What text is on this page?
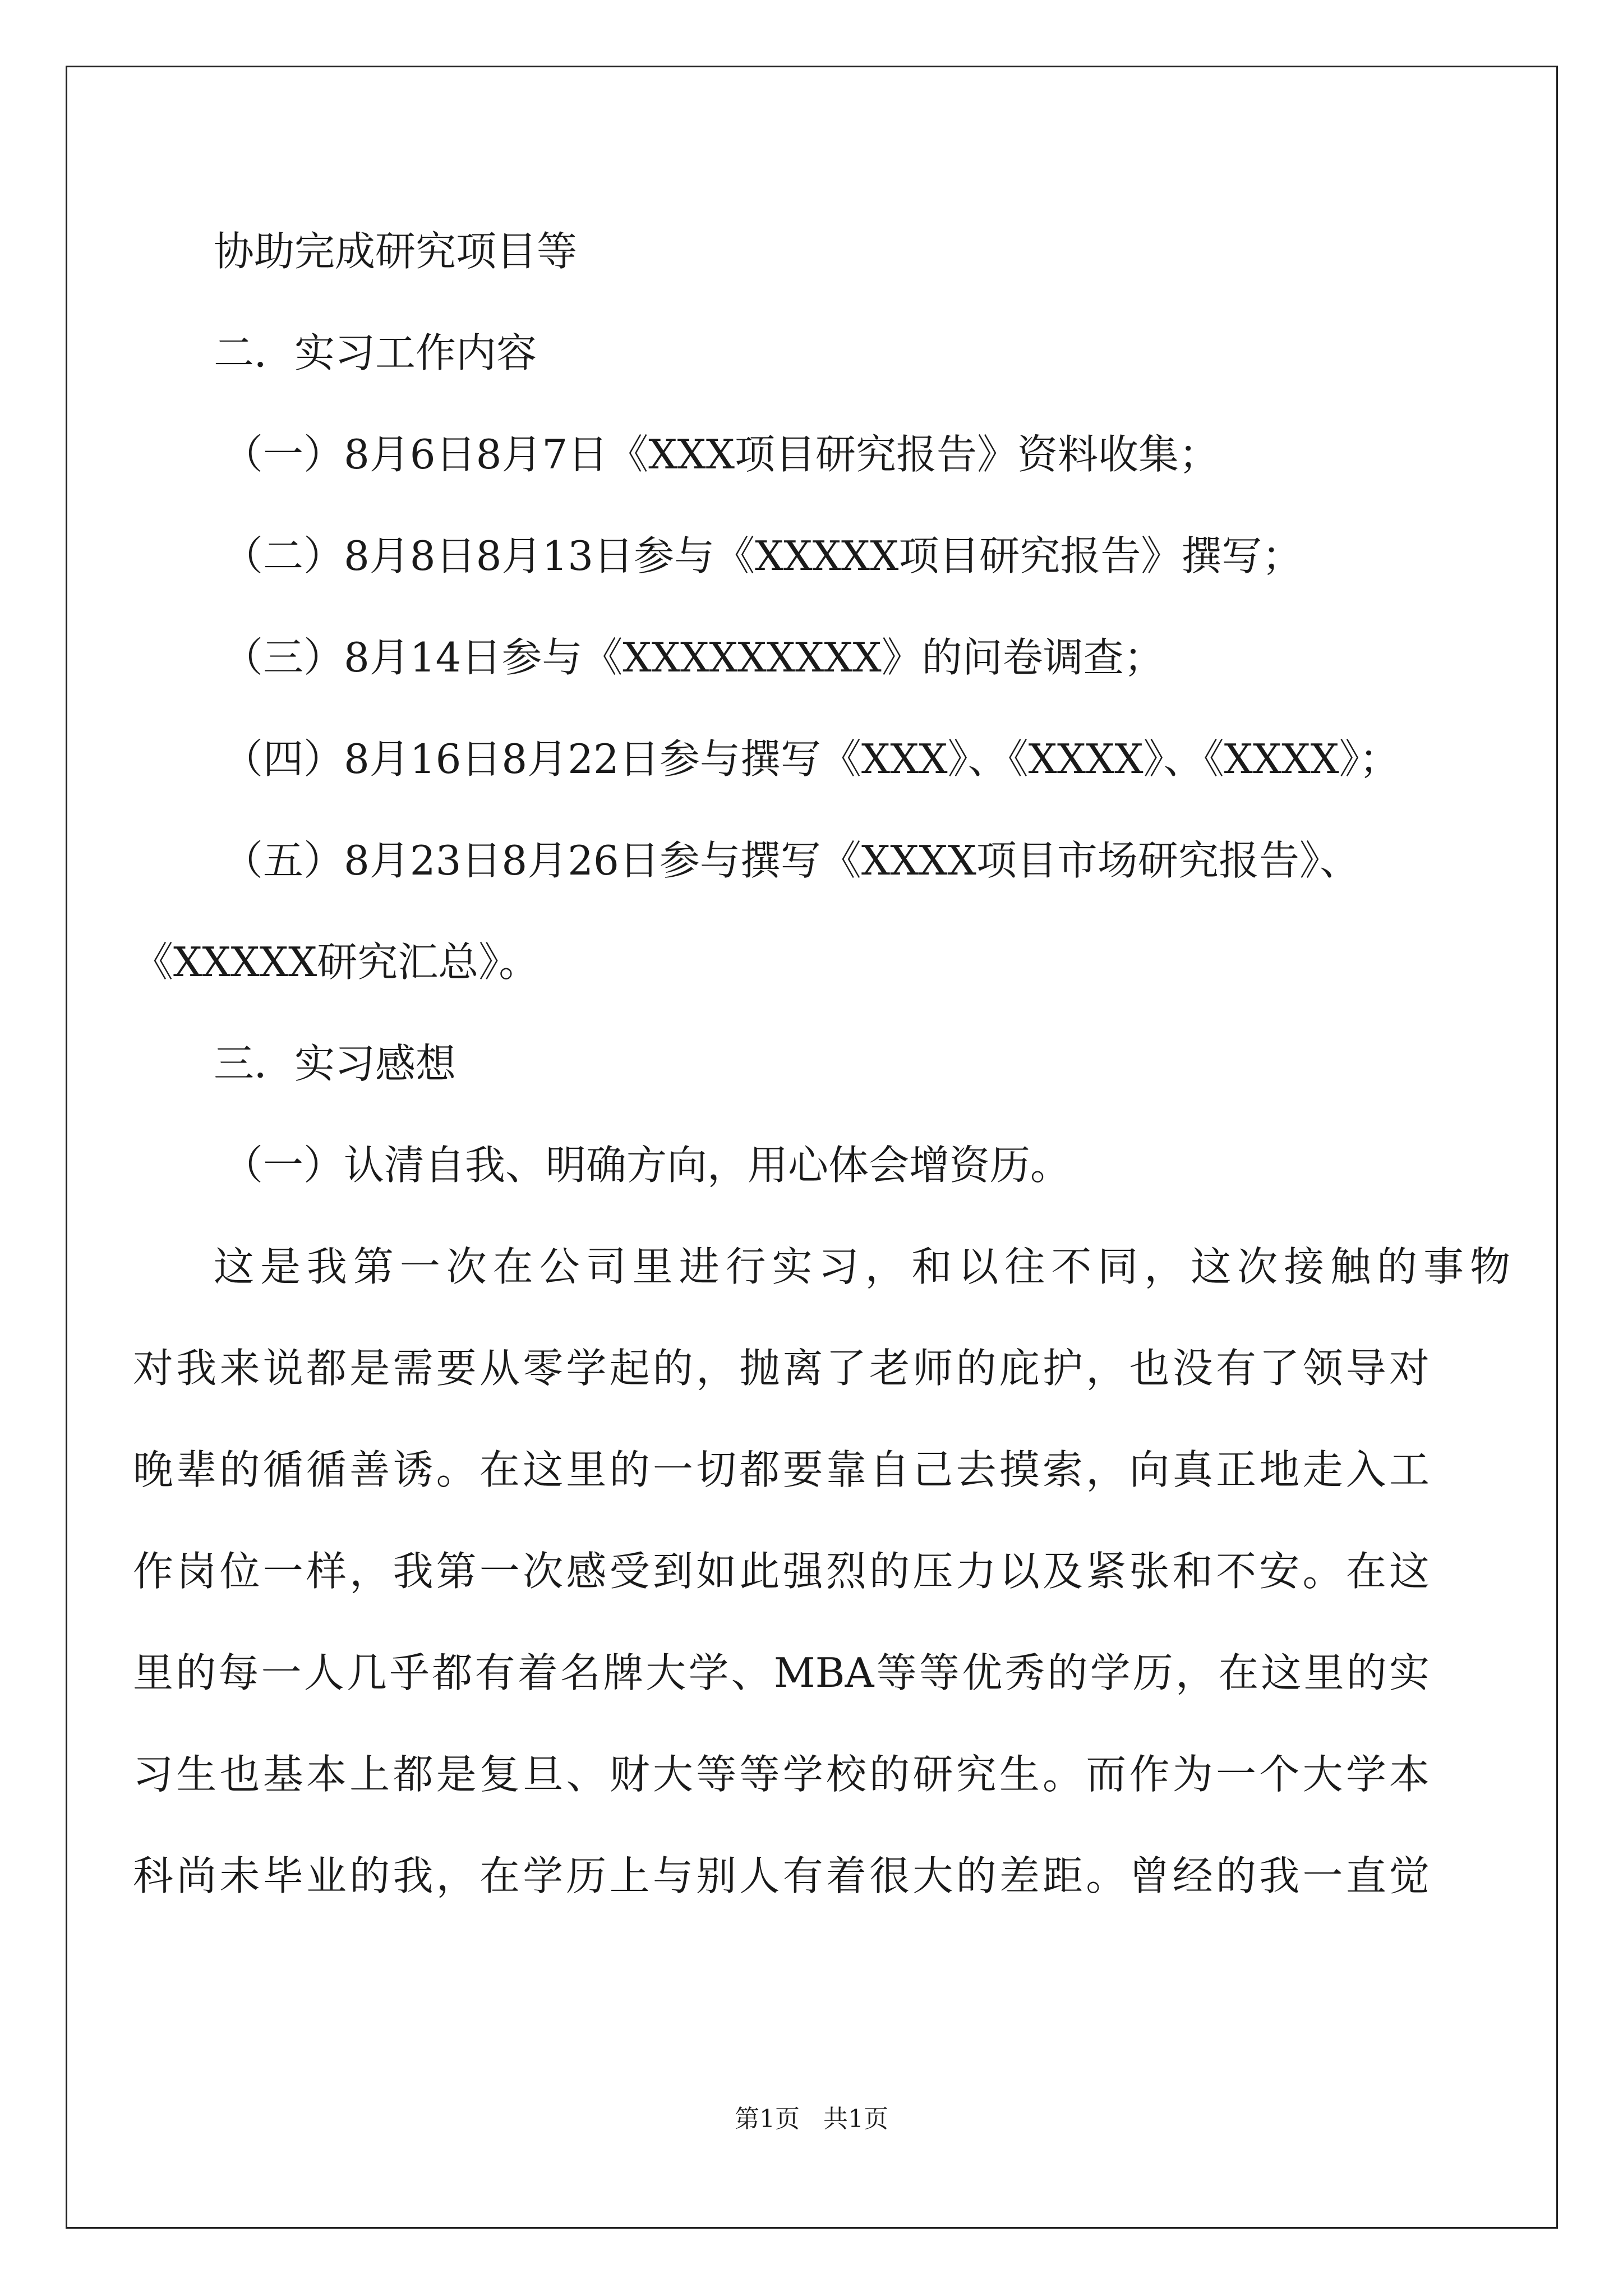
协助完成研究项目等
二．实习工作内容
（一）8月6日8月7日《XXX项目研究报告》资料收集；
（二）8月8日8月13日参与《XXXXX项目研究报告》撰写；
（三）8月14日参与《XXXXXXXXX》的问卷调查；
（四）8月16日8月22日参与撰写《XXX》、《XXXX》、《XXXX》；
（五）8月23日8月26日参与撰写《XXXX项目市场研究报告》、
《XXXXX研究汇总》。
三．实习感想
（一）认清自我、明确方向，用心体会增资历。
这是我第一次在公司里进行实习，和以往不同，这次接触的事物
对我来说都是需要从零学起的，抛离了老师的庇护，也没有了领导对
晚辈的循循善诱。在这里的一切都要靠自己去摸索，向真正地走入工
作岗位一样，我第一次感受到如此强烈的压力以及紧张和不安。在这
里的每一人几乎都有着名牌大学、MBA等等优秀的学历，在这里的实
习生也基本上都是复旦、财大等等学校的研究生。而作为一个大学本
科尚未毕业的我，在学历上与别人有着很大的差距。曾经的我一直觉
第1页 共1页
